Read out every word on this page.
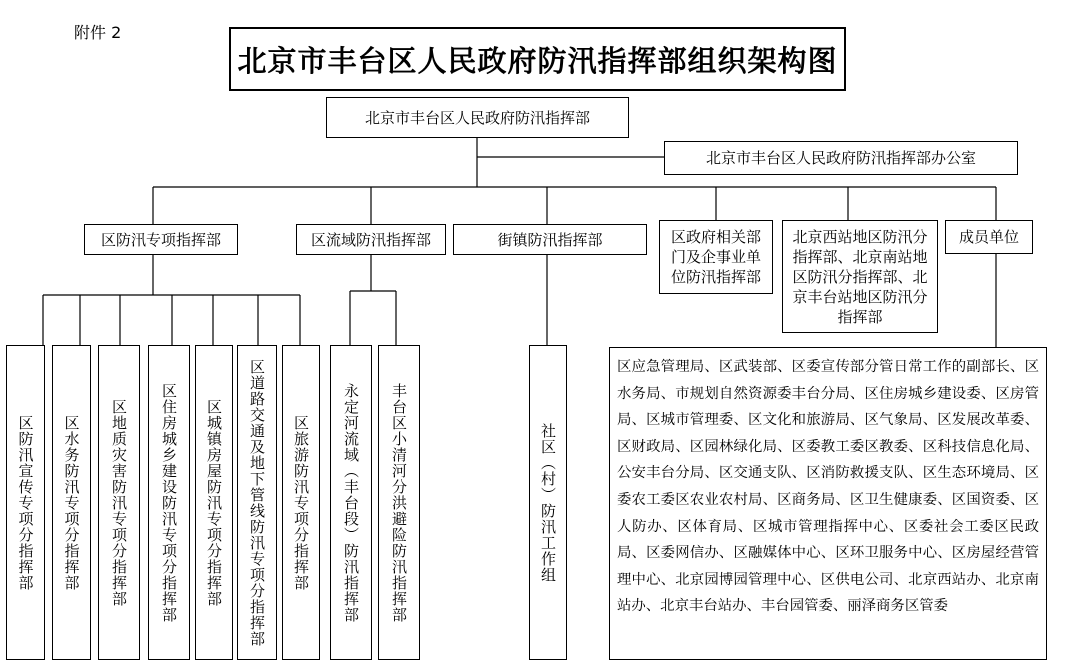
附件 2
北京市丰台区人民政府防汛指挥部组织架构图
北京市丰台区人民政府防汛指挥部
北京市丰台区人民政府防汛指挥部办公室
区防汛专项指挥部	区流域防汛指挥部	街镇防汛指挥部	区政府相关部门及企事业单位防汛指挥部
北京西站地区防汛分指挥部、北京南站地区防汛分指挥部、北京丰台站地区防汛分指挥部
成员单位
区防汛宣传专项分指挥部	区水务防汛专项分指挥部	区地质灾害防汛专项分指挥部	区住房城乡建设防汛专项分指挥部	区城镇房屋防汛专项分指挥部	区道路交通及地下管线防汛专项分指挥部	区旅游防汛专项分指挥部	永定河流域（丰台段）防汛指挥部	丰台区小清河分洪避险防汛指挥部	社区（村）防汛工作组
区应急管理局、区武装部、区委宣传部分管日常工作的副部长、区水务局、市规划自然资源委丰台分局、区住房城乡建设委、区房管局、区城市管理委、区文化和旅游局、区气象局、区发展改革委、区财政局、区园林绿化局、区委教工委区教委、区科技信息化局、公安丰台分局、区交通支队、区消防救援支队、区生态环境局、区委农工委区农业农村局、区商务局、区卫生健康委、区国资委、区人防办、区体育局、区城市管理指挥中心、区委社会工委区民政局、区委网信办、区融媒体中心、区环卫服务中心、区房屋经营管理中心、北京园博园管理中心、区供电公司、北京西站办、北京南站办、北京丰台站办、丰台园管委、丽泽商务区管委
